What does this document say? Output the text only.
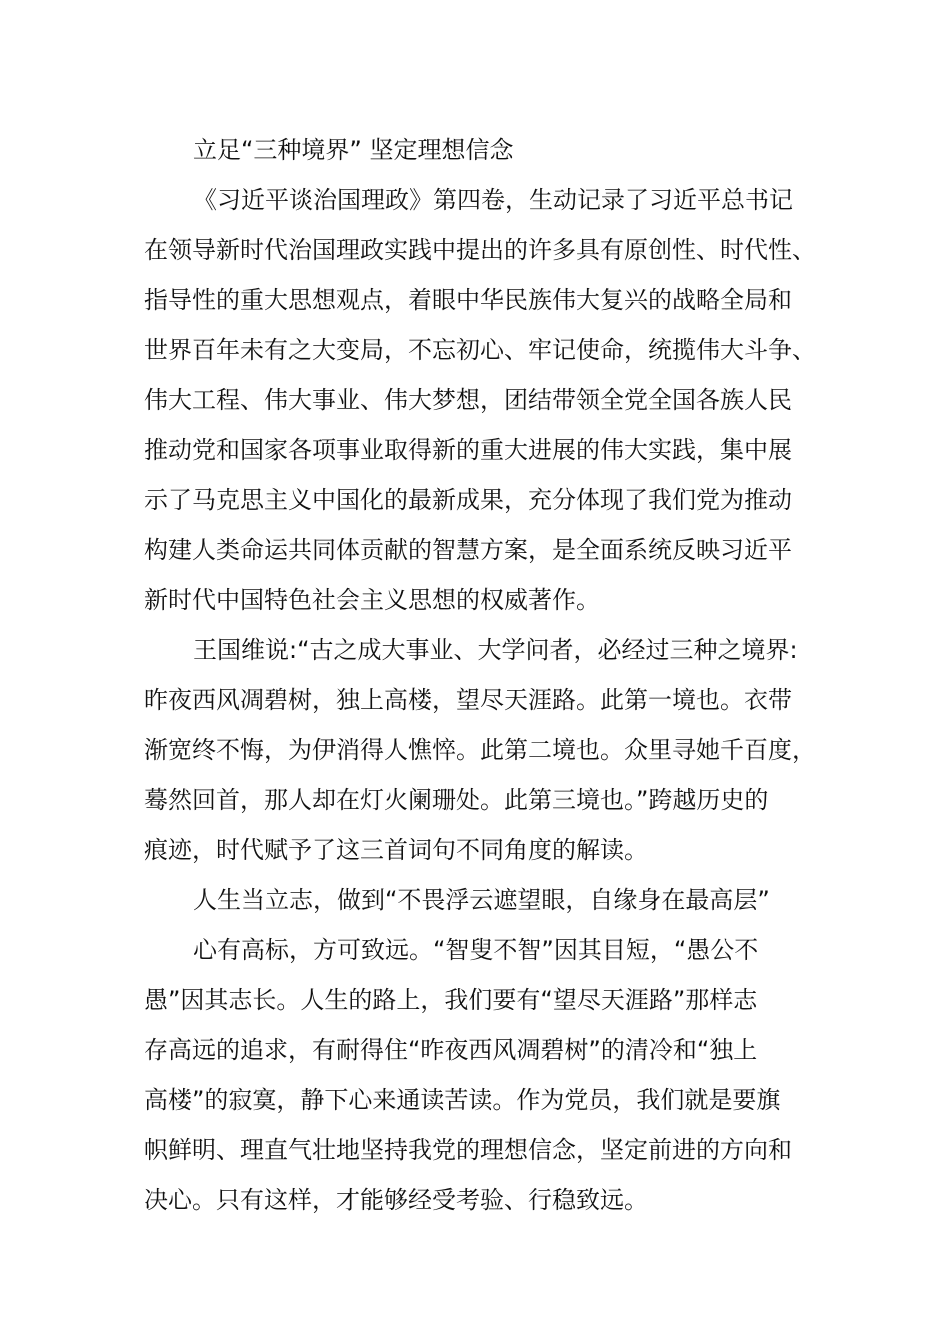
立足“三种境界” 坚定理想信念
《习近平谈治国理政》第四卷，生动记录了习近平总书记
在领导新时代治国理政实践中提出的许多具有原创性、时代性、
指导性的重大思想观点，着眼中华民族伟大复兴的战略全局和
世界百年未有之大变局，不忘初心、牢记使命，统揽伟大斗争、
伟大工程、伟大事业、伟大梦想，团结带领全党全国各族人民
推动党和国家各项事业取得新的重大进展的伟大实践，集中展
示了马克思主义中国化的最新成果，充分体现了我们党为推动
构建人类命运共同体贡献的智慧方案，是全面系统反映习近平
新时代中国特色社会主义思想的权威著作。
王国维说:“古之成大事业、大学问者，必经过三种之境界:
昨夜西风凋碧树，独上高楼，望尽天涯路。此第一境也。衣带
渐宽终不悔，为伊消得人憔悴。此第二境也。众里寻她千百度，
蓦然回首，那人却在灯火阑珊处。此第三境也。”跨越历史的
痕迹，时代赋予了这三首词句不同角度的解读。
人生当立志，做到“不畏浮云遮望眼，自缘身在最高层”
心有高标，方可致远。“智叟不智”因其目短，“愚公不
愚”因其志长。人生的路上，我们要有“望尽天涯路”那样志
存高远的追求，有耐得住“昨夜西风凋碧树”的清冷和“独上
高楼”的寂寞，静下心来通读苦读。作为党员，我们就是要旗
帜鲜明、理直气壮地坚持我党的理想信念，坚定前进的方向和
决心。只有这样，才能够经受考验、行稳致远。
